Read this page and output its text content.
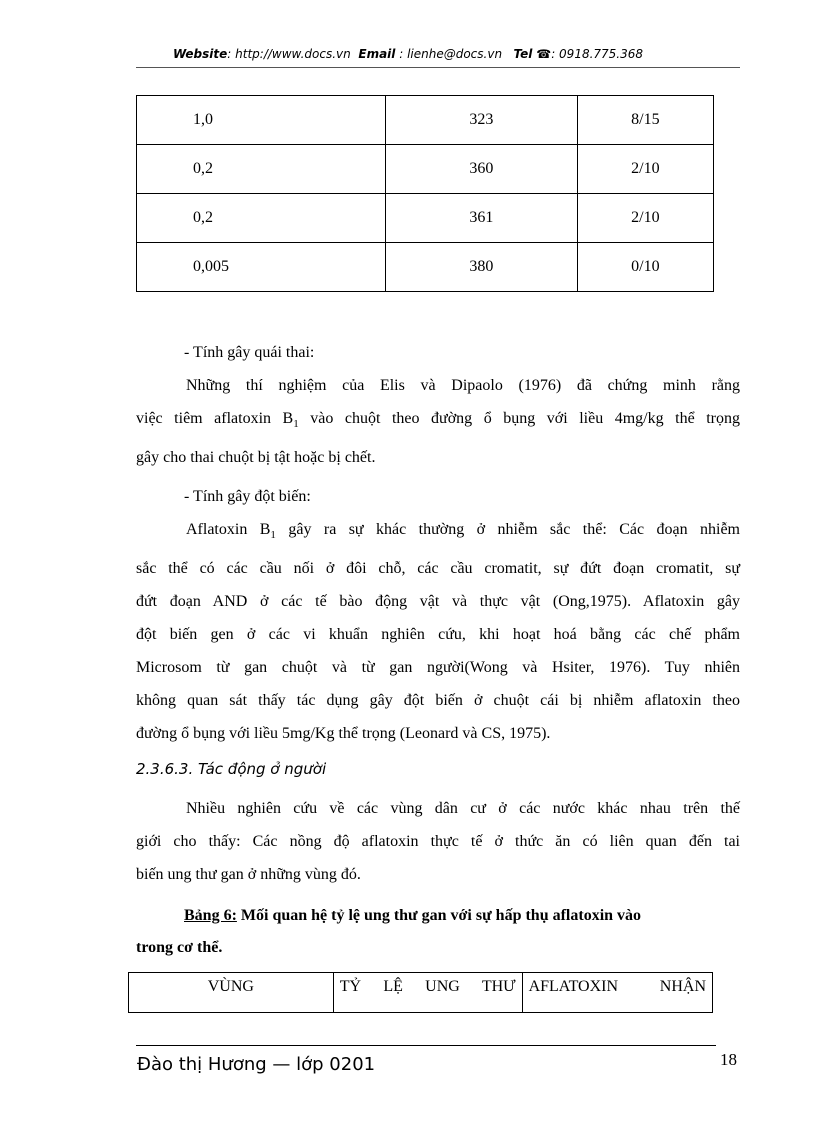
Website: http://www.docs.vn Email : lienhe@docs.vn Tel ☎: 0918.775.368
1,0	323	8/15
0,2	360	2/10
0,2	361	2/10
0,005	380	0/10
- Tính gây quái thai:
Những thí nghiệm của Elis và Dipaolo (1976) đã chứng minh rằng
việc tiêm aflatoxin $B_1$ vào chuột theo đường ổ bụng với liều 4mg/kg thể trọng
gây cho thai chuột bị tật hoặc bị chết.
- Tính gây đột biến:
Aflatoxin $B_1$ gây ra sự khác thường ở nhiễm sắc thể: Các đoạn nhiễm
sắc thể có các cầu nối ở đôi chỗ, các cầu cromatit, sự đứt đoạn cromatit, sự
đứt đoạn AND ở các tế bào động vật và thực vật (Ong,1975). Aflatoxin gây
đột biến gen ở các vi khuẩn nghiên cứu, khi hoạt hoá bằng các chế phẩm
Microsom từ gan chuột và từ gan người(Wong và Hsiter, 1976). Tuy nhiên
không quan sát thấy tác dụng gây đột biến ở chuột cái bị nhiễm aflatoxin theo
đường ổ bụng với liều 5mg/Kg thể trọng (Leonard và CS, 1975).
2.3.6.3. Tác động ở người
Nhiều nghiên cứu về các vùng dân cư ở các nước khác nhau trên thế
giới cho thấy: Các nồng độ aflatoxin thực tế ở thức ăn có liên quan đến tai
biến ung thư gan ở những vùng đó.
Bảng 6: Mối quan hệ tỷ lệ ung thư gan với sự hấp thụ aflatoxin vào
trong cơ thể.
VÙNG	TỶ LỆ UNG THƯ	AFLATOXIN NHẬN
Đào thị Hương — lớp 0201	18
